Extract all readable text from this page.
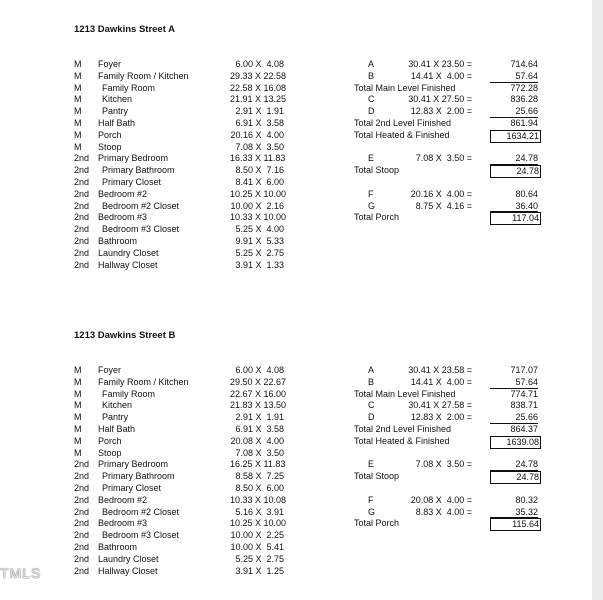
1213 Dawkins Street A
M Foyer	6.00 X  4.08
M Family Room / Kitchen	29.33 X 22.58
M Family Room	22.58 X 16.08
M Kitchen	21.91 X 13.25
M Pantry	2.91 X  1.91
M Half Bath	6.91 X  3.58
M Porch	20.16 X  4.00
M Stoop	7.08 X  3.50
2nd Primary Bedroom	16.33 X 11.83
2nd Primary Bathroom	8.50 X  7.16
2nd Primary Closet	8.41 X  6.00
2nd Bedroom #2	10.25 X 10.00
2nd Bedroom #2 Closet	10.00 X  2.16
2nd Bedroom #3	10.33 X 10.00
2nd Bedroom #3 Closet	5.25 X  4.00
2nd Bathroom	9.91 X  5.33
2nd Laundry Closet	5.25 X  2.75
2nd Hallway Closet	3.91 X  1.33
A	30.41 X 23.50 =	714.64
B	14.41 X  4.00 =	57.64
Total Main Level Finished	772.28
C	30.41 X 27.50 =	836.28
D	12.83 X  2.00 =	25.66
Total 2nd Level Finished	861.94
Total Heated & Finished	1634.21
E	7.08 X  3.50 =	24.78
Total Stoop	24.78
F	20.16 X  4.00 =	80.64
G	8.75 X  4.16 =	36.40
Total Porch	117.04
1213 Dawkins Street B
M Foyer	6.00 X  4.08
M Family Room / Kitchen	29.50 X 22.67
M Family Room	22.67 X 16.00
M Kitchen	21.83 X 13.50
M Pantry	2.91 X  1.91
M Half Bath	6.91 X  3.58
M Porch	20.08 X  4.00
M Stoop	7.08 X  3.50
2nd Primary Bedroom	16.25 X 11.83
2nd Primary Bathroom	8.58 X  7.25
2nd Primary Closet	8.50 X  6.00
2nd Bedroom #2	10.33 X 10.08
2nd Bedroom #2 Closet	5.16 X  3.91
2nd Bedroom #3	10.25 X 10.00
2nd Bedroom #3 Closet	10.00 X  2.25
2nd Bathroom	10.00 X  5.41
2nd Laundry Closet	5.25 X  2.75
2nd Hallway Closet	3.91 X  1.25
A	30.41 X 23.58 =	717.07
B	14.41 X  4.00 =	57.64
Total Main Level Finished	774.71
C	30.41 X 27.58 =	838.71
D	12.83 X  2.00 =	25.66
Total 2nd Level Finished	864.37
Total Heated & Finished	1639.08
E	7.08 X  3.50 =	24.78
Total Stoop	24.78
F	20.08 X  4.00 =	80.32
G	8.83 X  4.00 =	35.32
Total Porch	115.64
TMLS
